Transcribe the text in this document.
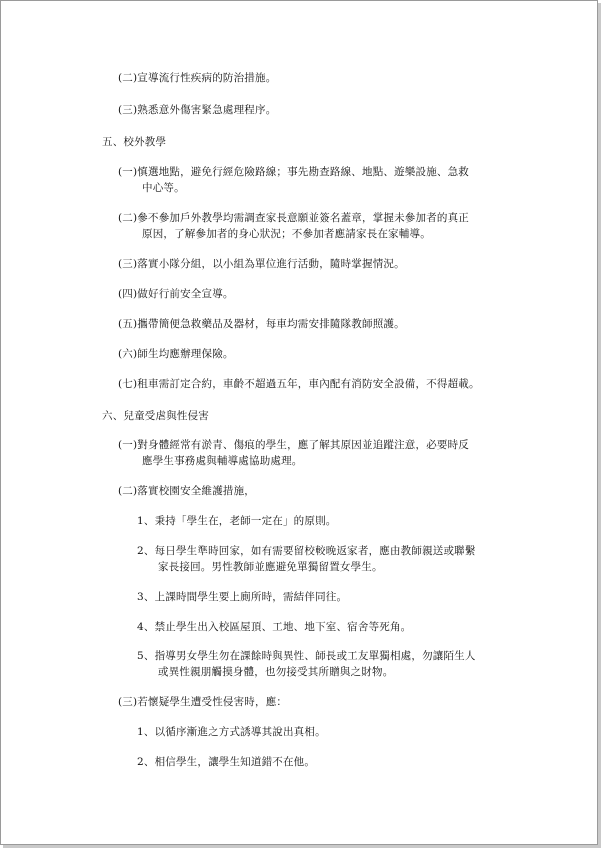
(二)宣導流行性疾病的防治措施。
(三)熟悉意外傷害緊急處理程序。
五、校外教學
(一)慎選地點，避免行經危險路線；事先勘查路線、地點、遊樂設施、急救
中心等。
(二)參不參加戶外教學均需調查家長意願並簽名蓋章，掌握未參加者的真正
原因，了解參加者的身心狀況；不參加者應請家長在家輔導。
(三)落實小隊分組，以小組為單位進行活動，隨時掌握情況。
(四)做好行前安全宣導。
(五)攜帶簡便急救藥品及器材，每車均需安排隨隊教師照護。
(六)師生均應辦理保險。
(七)租車需訂定合約，車齡不超過五年，車內配有消防安全設備，不得超載。
六、兒童受虐與性侵害
(一)對身體經常有淤青、傷痕的學生，應了解其原因並追蹤注意，必要時反
應學生事務處與輔導處協助處理。
(二)落實校園安全維護措施，
1、秉持「學生在，老師一定在」的原則。
2、每日學生準時回家，如有需要留校較晚返家者，應由教師親送或聯繫
家長接回。男性教師並應避免單獨留置女學生。
3、上課時間學生要上廁所時，需結伴同往。
4、禁止學生出入校區屋頂、工地、地下室、宿舍等死角。
5、指導男女學生勿在課餘時與異性、師長或工友單獨相處，勿讓陌生人
或異性親朋觸摸身體，也勿接受其所贈與之財物。
(三)若懷疑學生遭受性侵害時，應：
1、以循序漸進之方式誘導其說出真相。
2、相信學生，讓學生知道錯不在他。
